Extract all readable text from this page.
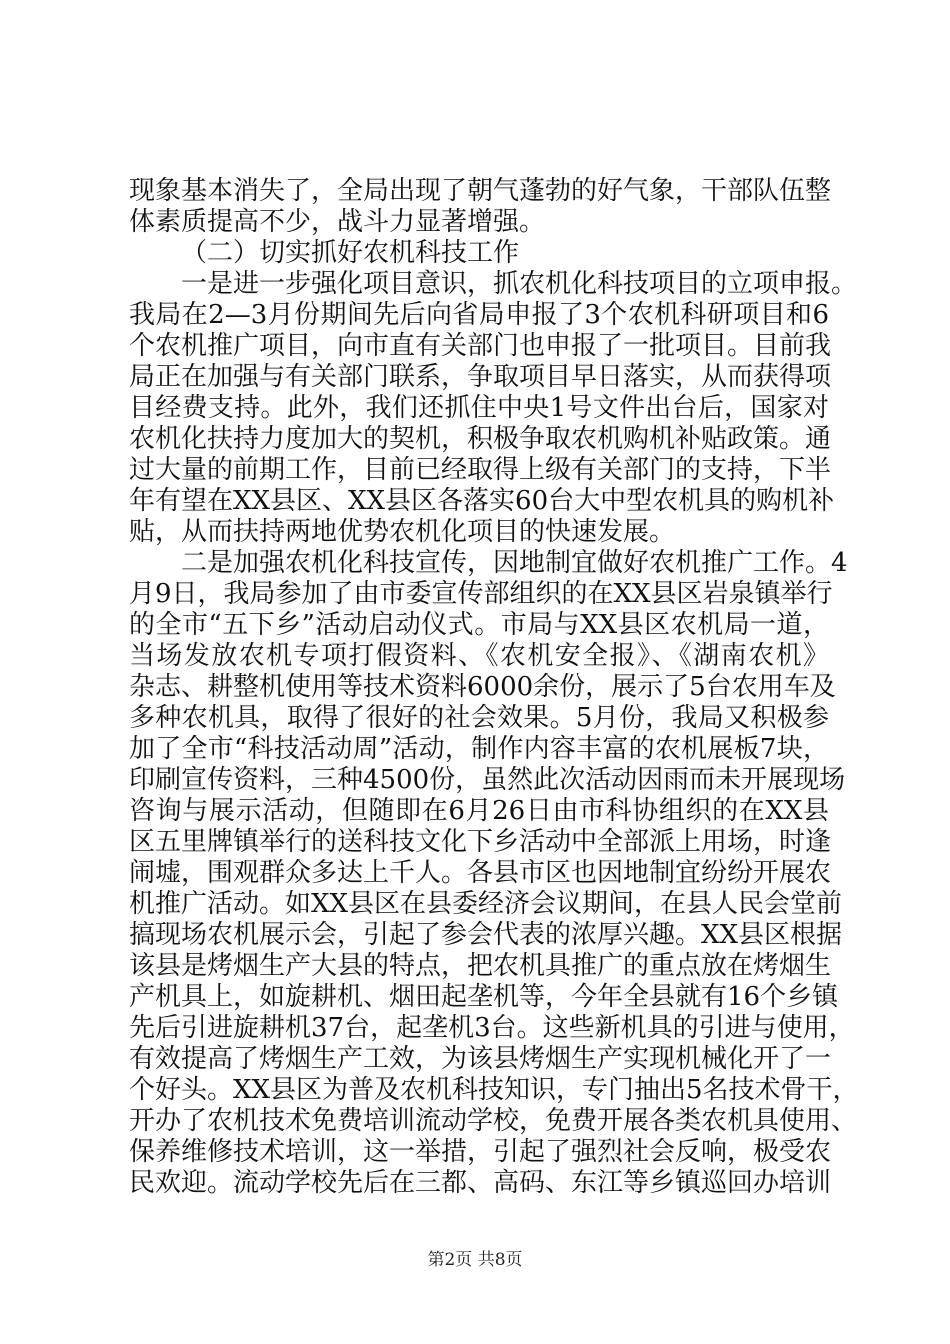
现象基本消失了，全局出现了朝气蓬勃的好气象，干部队伍整
体素质提高不少，战斗力显著增强。
（二）切实抓好农机科技工作
一是进一步强化项目意识，抓农机化科技项目的立项申报。
我局在2—3月份期间先后向省局申报了3个农机科研项目和6
个农机推广项目，向市直有关部门也申报了一批项目。目前我
局正在加强与有关部门联系，争取项目早日落实，从而获得项
目经费支持。此外，我们还抓住中央1号文件出台后，国家对
农机化扶持力度加大的契机，积极争取农机购机补贴政策。通
过大量的前期工作，目前已经取得上级有关部门的支持，下半
年有望在XX县区、XX县区各落实60台大中型农机具的购机补
贴，从而扶持两地优势农机化项目的快速发展。
二是加强农机化科技宣传，因地制宜做好农机推广工作。4
月9日，我局参加了由市委宣传部组织的在XX县区岩泉镇举行
的全市“五下乡”活动启动仪式。市局与XX县区农机局一道，
当场发放农机专项打假资料、《农机安全报》、《湖南农机》
杂志、耕整机使用等技术资料6000余份，展示了5台农用车及
多种农机具，取得了很好的社会效果。5月份，我局又积极参
加了全市“科技活动周”活动，制作内容丰富的农机展板7块，
印刷宣传资料，三种4500份，虽然此次活动因雨而未开展现场
咨询与展示活动，但随即在6月26日由市科协组织的在XX县
区五里牌镇举行的送科技文化下乡活动中全部派上用场，时逢
闹墟，围观群众多达上千人。各县市区也因地制宜纷纷开展农
机推广活动。如XX县区在县委经济会议期间，在县人民会堂前
搞现场农机展示会，引起了参会代表的浓厚兴趣。XX县区根据
该县是烤烟生产大县的特点，把农机具推广的重点放在烤烟生
产机具上，如旋耕机、烟田起垄机等，今年全县就有16个乡镇
先后引进旋耕机37台，起垄机3台。这些新机具的引进与使用，
有效提高了烤烟生产工效，为该县烤烟生产实现机械化开了一
个好头。XX县区为普及农机科技知识，专门抽出5名技术骨干，
开办了农机技术免费培训流动学校，免费开展各类农机具使用、
保养维修技术培训，这一举措，引起了强烈社会反响，极受农
民欢迎。流动学校先后在三都、高码、东江等乡镇巡回办培训
第2页 共8页
